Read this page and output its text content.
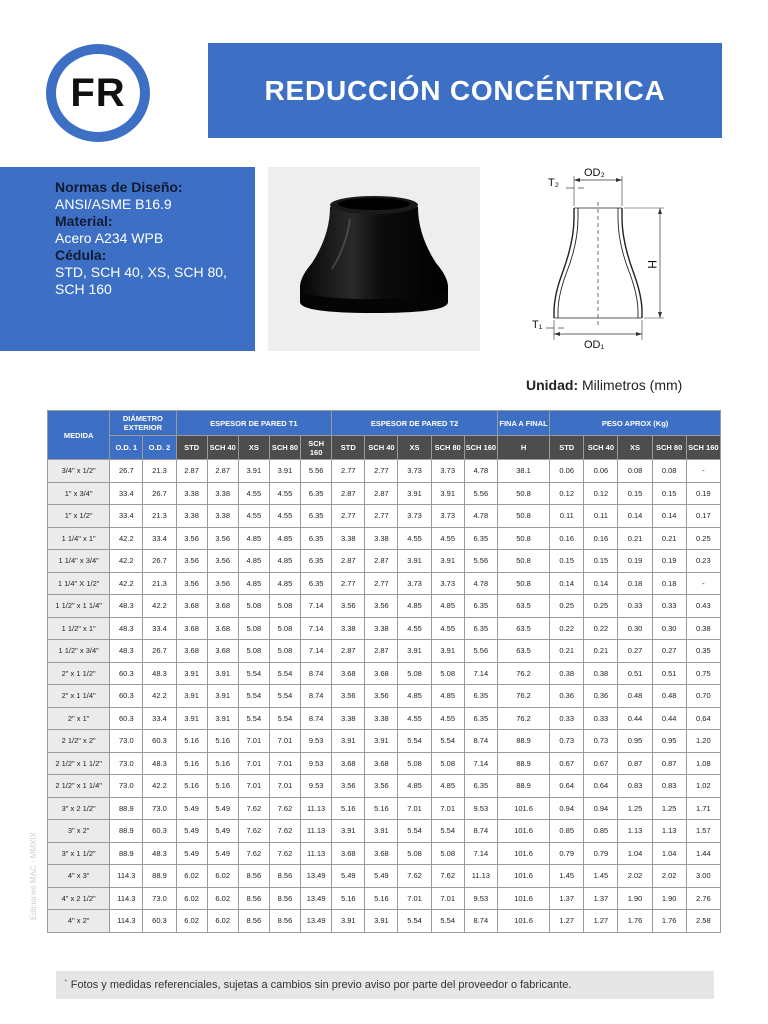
FR	REDUCCIÓN CONCÉNTRICA
Normas de Diseño:
ANSI/ASME B16.9
Material:
Acero A234 WPB
Cédula:
STD, SCH 40, XS, SCH 80,
SCH 160
OD₂
T₂
H
T₁
OD₁
Unidad: Milimetros (mm)
MEDIDA	DIÁMETRO EXTERIOR		ESPESOR DE PARED T1					ESPESOR DE PARED T2					FINA A FINAL	PESO APROX (Kg)				
	O.D. 1	O.D. 2	STD	SCH 40	XS	SCH 80	SCH 160	STD	SCH 40	XS	SCH 80	SCH 160	H	STD	SCH 40	XS	SCH 80	SCH 160
3/4" x 1/2"	26.7	21.3	2.87	2.87	3.91	3.91	5.56	2.77	2.77	3.73	3.73	4.78	38.1	0.06	0.06	0.08	0.08	-
1" x 3/4"	33.4	26.7	3.38	3.38	4.55	4.55	6.35	2.87	2.87	3.91	3.91	5.56	50.8	0.12	0.12	0.15	0.15	0.19
1" x 1/2"	33.4	21.3	3.38	3.38	4.55	4.55	6.35	2.77	2.77	3.73	3.73	4.78	50.8	0.11	0.11	0.14	0.14	0.17
1 1/4" x 1"	42.2	33.4	3.56	3.56	4.85	4.85	6.35	3.38	3.38	4.55	4.55	6.35	50.8	0.16	0.16	0.21	0.21	0.25
1 1/4" x 3/4"	42.2	26.7	3.56	3.56	4.85	4.85	6.35	2.87	2.87	3.91	3.91	5.56	50.8	0.15	0.15	0.19	0.19	0.23
1 1/4" X 1/2"	42.2	21.3	3.56	3.56	4.85	4.85	6.35	2.77	2.77	3.73	3.73	4.78	50.8	0.14	0.14	0.18	0.18	-
1 1/2" x 1 1/4"	48.3	42.2	3.68	3.68	5.08	5.08	7.14	3.56	3.56	4.85	4.85	6.35	63.5	0.25	0.25	0.33	0.33	0.43
1 1/2" x 1"	48.3	33.4	3.68	3.68	5.08	5.08	7.14	3.38	3.38	4.55	4.55	6.35	63.5	0.22	0.22	0.30	0.30	0.38
1 1/2" x 3/4"	48.3	26.7	3.68	3.68	5.08	5.08	7.14	2.87	2.87	3.91	3.91	5.56	63.5	0.21	0.21	0.27	0.27	0.35
2" x 1 1/2"	60.3	48.3	3.91	3.91	5.54	5.54	8.74	3.68	3.68	5.08	5.08	7.14	76.2	0.38	0.38	0.51	0.51	0.75
2" x 1 1/4"	60.3	42.2	3.91	3.91	5.54	5.54	8.74	3.56	3.56	4.85	4.85	6.35	76.2	0.36	0.36	0.48	0.48	0.70
2" x 1"	60.3	33.4	3.91	3.91	5.54	5.54	8.74	3.38	3.38	4.55	4.55	6.35	76.2	0.33	0.33	0.44	0.44	0.64
2 1/2" x 2"	73.0	60.3	5.16	5.16	7.01	7.01	9.53	3.91	3.91	5.54	5.54	8.74	88.9	0.73	0.73	0.95	0.95	1.20
2 1/2" x 1 1/2"	73.0	48.3	5.16	5.16	7.01	7.01	9.53	3.68	3.68	5.08	5.08	7.14	88.9	0.67	0.67	0.87	0.87	1.08
2 1/2" x 1 1/4"	73.0	42.2	5.16	5.16	7.01	7.01	9.53	3.56	3.56	4.85	4.85	6.35	88.9	0.64	0.64	0.83	0.83	1.02
3" x 2 1/2"	88.9	73.0	5.49	5.49	7.62	7.62	11.13	5.16	5.16	7.01	7.01	9.53	101.6	0.94	0.94	1.25	1.25	1.71
3" x 2"	88.9	60.3	5.49	5.49	7.62	7.62	11.13	3.91	3.91	5.54	5.54	8.74	101.6	0.85	0.85	1.13	1.13	1.57
3" x 1 1/2"	88.9	48.3	5.49	5.49	7.62	7.62	11.13	3.68	3.68	5.08	5.08	7.14	101.6	0.79	0.79	1.04	1.04	1.44
4" x 3"	114.3	88.9	6.02	6.02	8.56	8.56	13.49	5.49	5.49	7.62	7.62	11.13	101.6	1.45	1.45	2.02	2.02	3.00
4" x 2 1/2"	114.3	73.0	6.02	6.02	8.56	8.56	13.49	5.16	5.16	7.01	7.01	9.53	101.6	1.37	1.37	1.90	1.90	2.76
4" x 2"	114.3	60.3	6.02	6.02	8.56	8.56	13.49	3.91	3.91	5.54	5.54	8.74	101.6	1.27	1.27	1.76	1.76	2.58
` Fotos y medidas referenciales, sujetas a cambios sin previo aviso por parte del proveedor o fabricante.
Ediciones MAC - MMXIX
